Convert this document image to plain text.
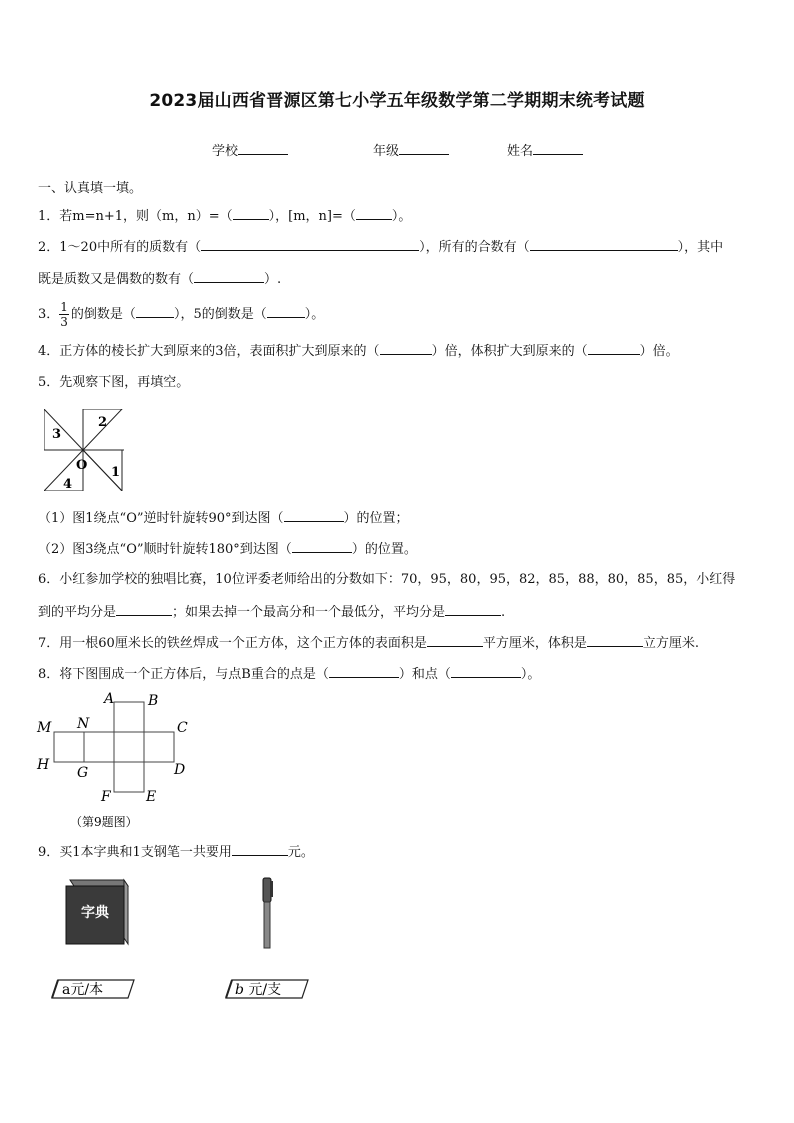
2023届山西省晋源区第七小学五年级数学第二学期期末统考试题
学校	年级	姓名
一、认真填一填。
1．若m=n+1，则（m，n）=（	），[m，n]=（	）。
2．1～20中所有的质数有（	），所有的合数有（	），其中
既是质数又是偶数的数有（	）.
3． $\frac{1}{3}$ 的倒数是（	），5的倒数是（	）。
4．正方体的棱长扩大到原来的3倍，表面积扩大到原来的（	）倍，体积扩大到原来的（	）倍。
5．先观察下图，再填空。
3
2
1
4
O
（1）图1绕点“O”逆时针旋转90°到达图（	）的位置；
（2）图3绕点“O”顺时针旋转180°到达图（	）的位置。
6．小红参加学校的独唱比赛，10位评委老师给出的分数如下：70，95，80，95，82，85，88，80，85，85，小红得
到的平均分是	；如果去掉一个最高分和一个最低分，平均分是	.
7．用一根60厘米长的铁丝焊成一个正方体，这个正方体的表面积是	平方厘米，体积是	立方厘米.
8．将下图围成一个正方体后，与点B重合的点是（	）和点（	）。
A B
C
D
E
F
G
H
M N
（第9题图）
9．买1本字典和1支钢笔一共要用	元。
字典
a元/本	b 元/支
